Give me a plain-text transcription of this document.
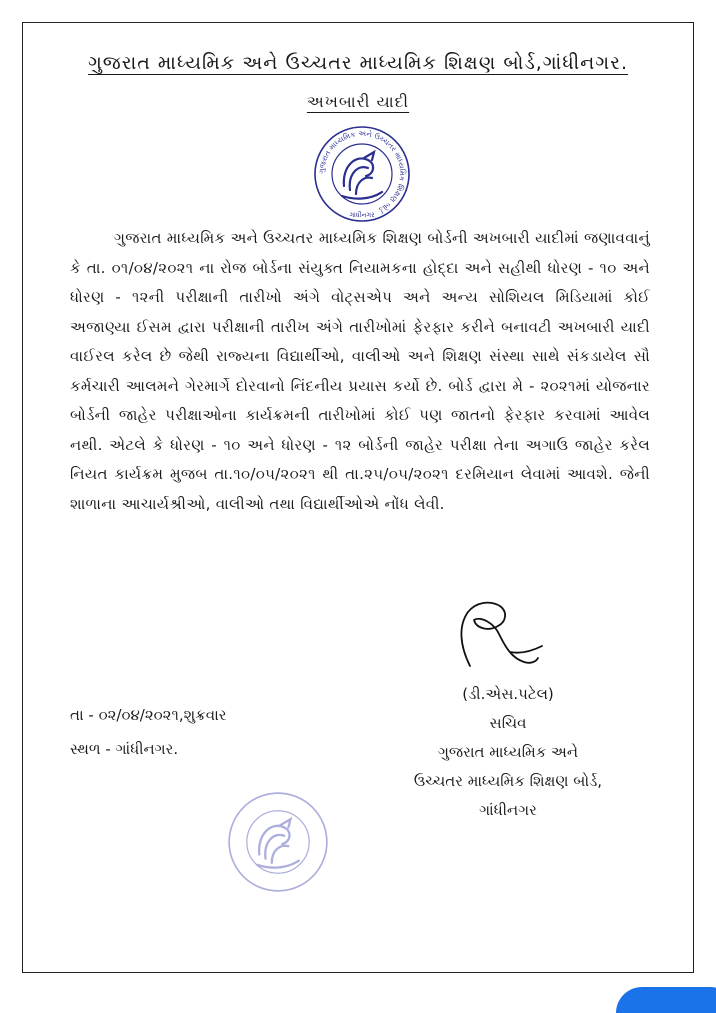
ગુજરાત માધ્યમિક અને ઉચ્ચતર માધ્યમિક શિક્ષણ બોર્ડ,ગાંધીનગર.
અખબારી યાદી
ગુજરાત માધ્યમિક અને ઉચ્ચતર માધ્યમિક શિક્ષણ બોર્ડ
ગાંધીનગર
ગુજરાત માધ્યમિક અને ઉચ્ચતર માધ્યમિક શિક્ષણ બોર્ડની અખબારી યાદીમાં જણાવવાનું કે તા. ૦૧/૦૪/૨૦૨૧ ના રોજ બોર્ડના સંયુક્ત નિયામકના હોદ્દા અને સહીથી ધોરણ - ૧૦ અને ધોરણ - ૧૨ની પરીક્ષાની તારીખો અંગે વોટ્સએપ અને અન્ય સોશિયલ મિડિયામાં કોઈ અજાણ્યા ઈસમ દ્વારા પરીક્ષાની તારીખ અંગે તારીખોમાં ફેરફાર કરીને બનાવટી અખબારી યાદી વાઈરલ કરેલ છે જેથી રાજ્યના વિદ્યાર્થીઓ, વાલીઓ અને શિક્ષણ સંસ્થા સાથે સંકડાયેલ સૌ કર્મચારી આલમને ગેરમાર્ગે દોરવાનો નિંદનીય પ્રયાસ કર્યો છે. બોર્ડ દ્વારા મે - ૨૦૨૧માં યોજનાર બોર્ડની જાહેર પરીક્ષાઓના કાર્યક્રમની તારીખોમાં કોઈ પણ જાતનો ફેરફાર કરવામાં આવેલ નથી. એટલે કે ધોરણ - ૧૦ અને ધોરણ - ૧૨ બોર્ડની જાહેર પરીક્ષા તેના અગાઉ જાહેર કરેલ નિયત કાર્યક્રમ મુજબ તા.૧૦/૦૫/૨૦૨૧ થી તા.૨૫/૦૫/૨૦૨૧ દરમિયાન લેવામાં આવશે. જેની શાળાના આચાર્યશ્રીઓ, વાલીઓ તથા વિદ્યાર્થીઓએ નોંધ લેવી.
(ડી.એસ.પટેલ)
સચિવ
ગુજરાત માધ્યમિક અને
ઉચ્ચતર માધ્યમિક શિક્ષણ બોર્ડ,
ગાંધીનગર
તા - ૦૨/૦૪/૨૦૨૧,શુક્રવાર
સ્થળ - ગાંધીનગર.
